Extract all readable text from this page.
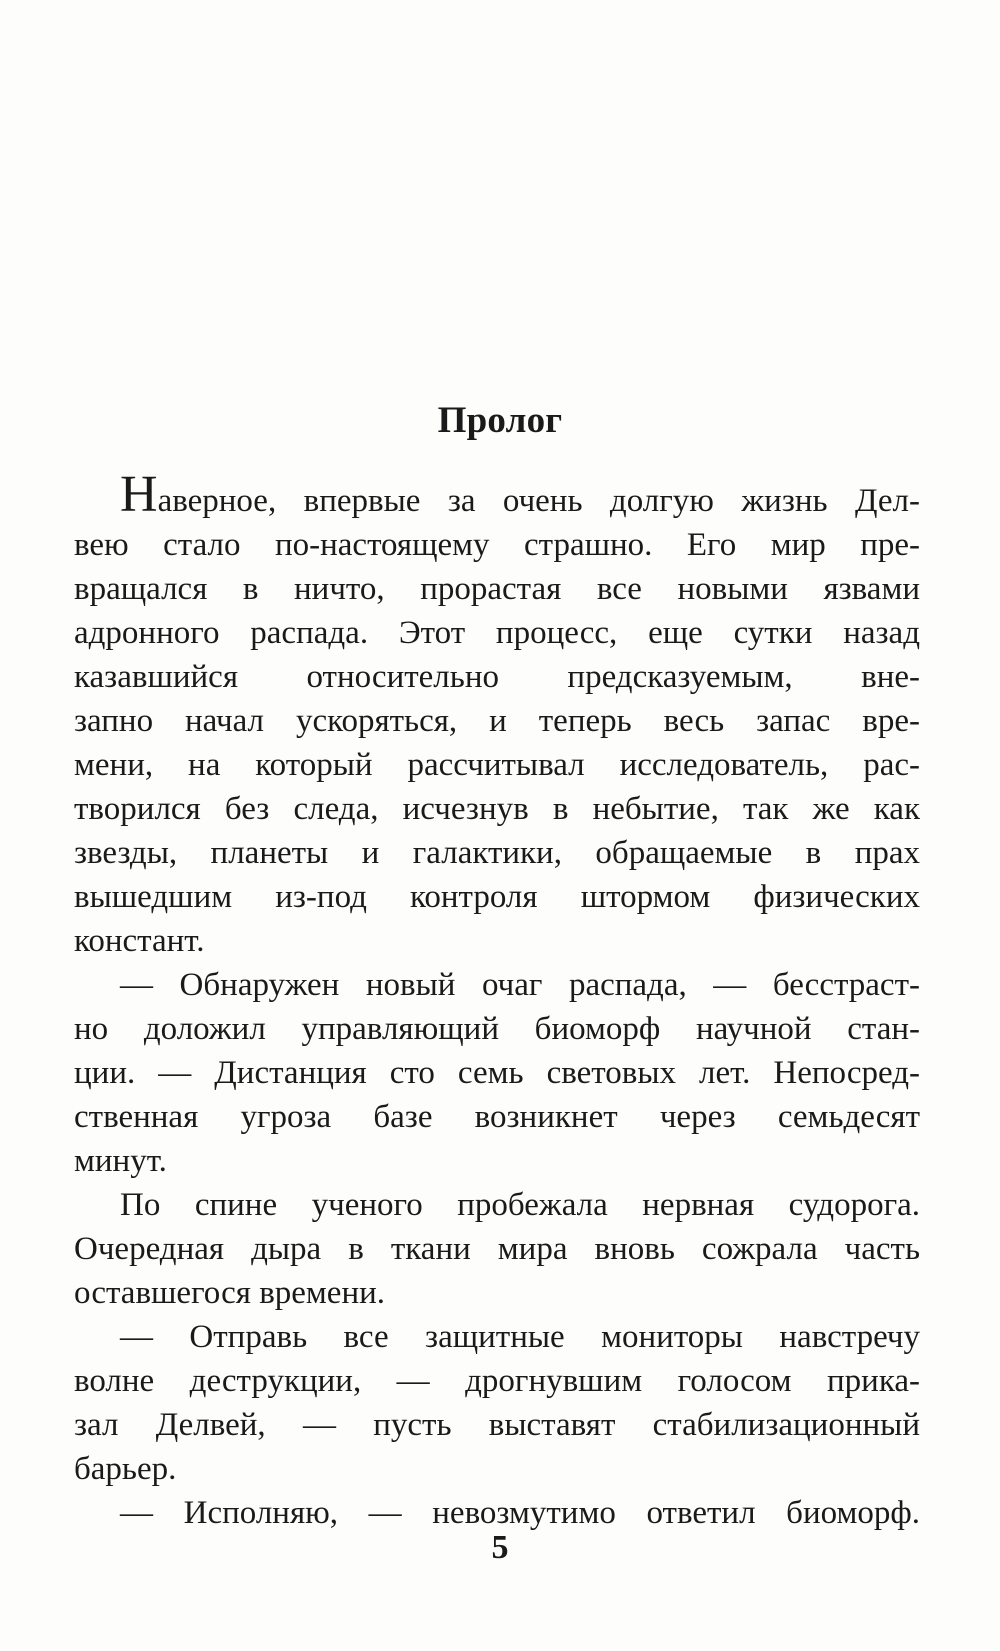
Пролог
Наверное, впервые за очень долгую жизнь Дел-
вею стало по-настоящему страшно. Его мир пре-
вращался в ничто, прорастая все новыми язвами
адронного распада. Этот процесс, еще сутки назад
казавшийся относительно предсказуемым, вне-
запно начал ускоряться, и теперь весь запас вре-
мени, на который рассчитывал исследователь, рас-
творился без следа, исчезнув в небытие, так же как
звезды, планеты и галактики, обращаемые в прах
вышедшим из-под контроля штормом физических
констант.
— Обнаружен новый очаг распада, — бесстраст-
но доложил управляющий биоморф научной стан-
ции. — Дистанция сто семь световых лет. Непосред-
ственная угроза базе возникнет через семьдесят
минут.
По спине ученого пробежала нервная судорога.
Очередная дыра в ткани мира вновь сожрала часть
оставшегося времени.
— Отправь все защитные мониторы навстречу
волне деструкции, — дрогнувшим голосом прика-
зал Делвей, — пусть выставят стабилизационный
барьер.
— Исполняю, — невозмутимо ответил биоморф.
5
